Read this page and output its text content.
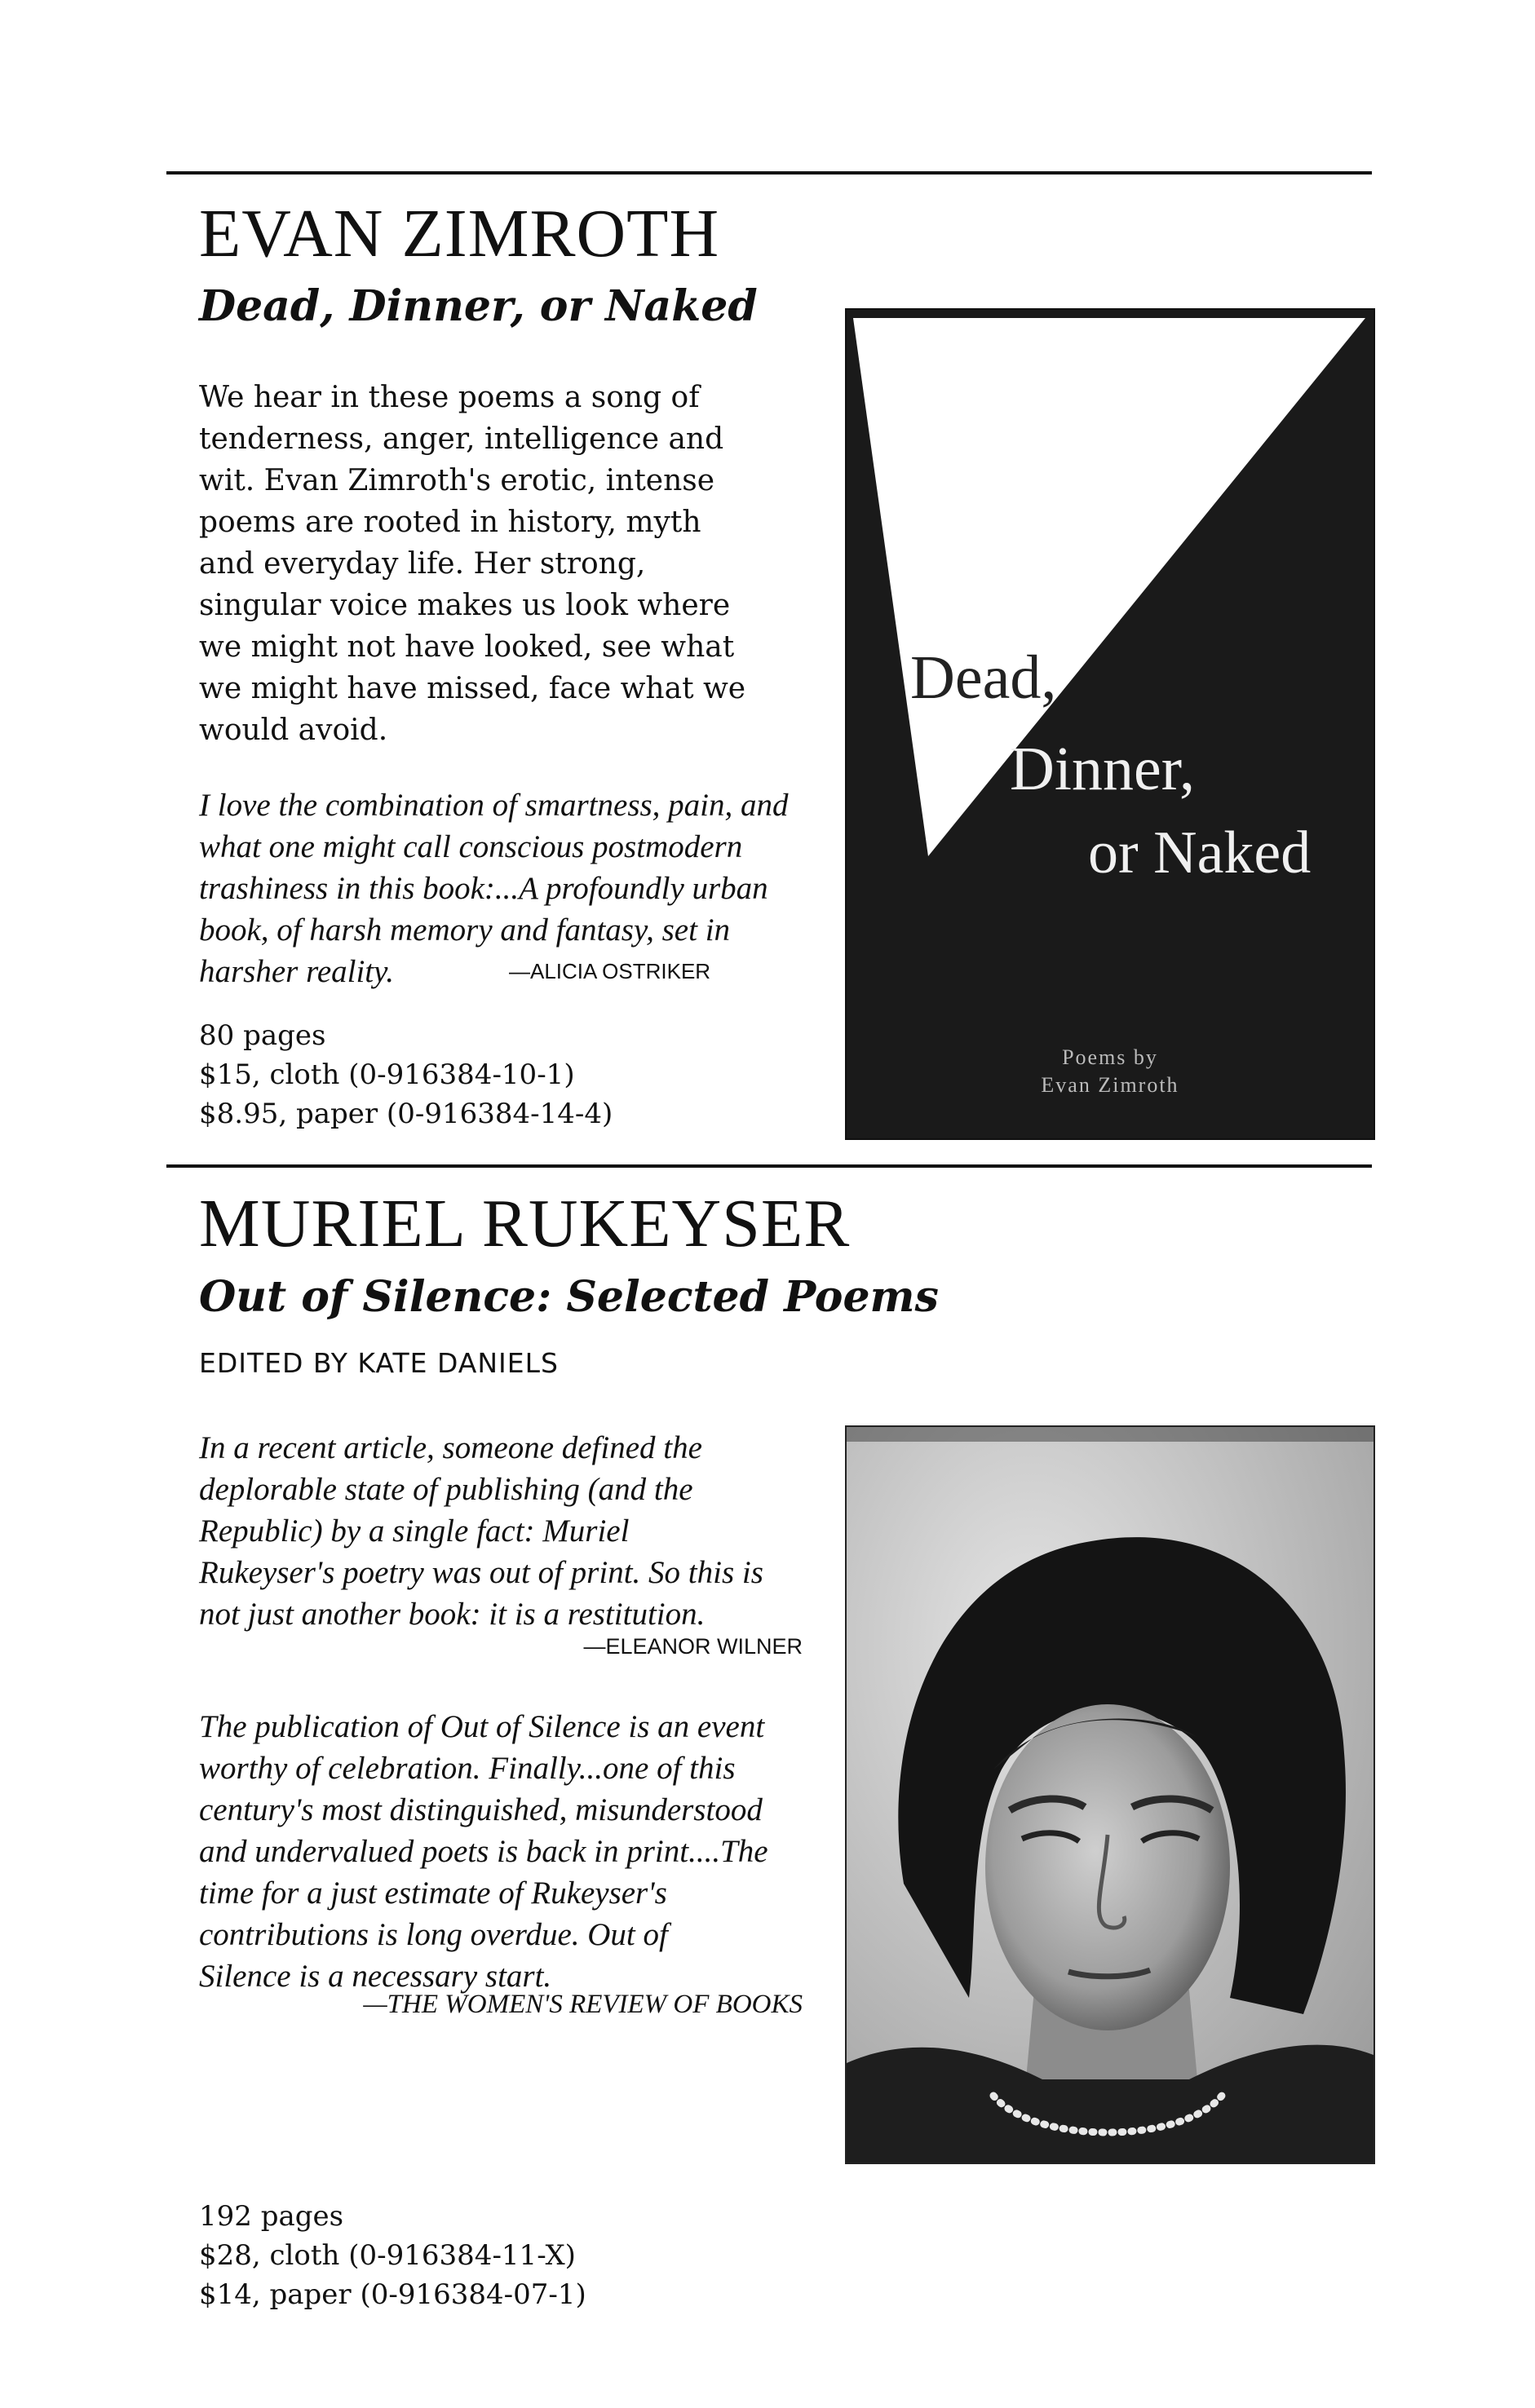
EVAN ZIMROTH
Dead, Dinner, or Naked
We hear in these poems a song of
tenderness, anger, intelligence and
wit. Evan Zimroth's erotic, intense
poems are rooted in history, myth
and everyday life. Her strong,
singular voice makes us look where
we might not have looked, see what
we might have missed, face what we
would avoid.
I love the combination of smartness, pain, and
what one might call conscious postmodern
trashiness in this book:...A profoundly urban
book, of harsh memory and fantasy, set in
harsher reality.	—ALICIA OSTRIKER
80 pages
$15, cloth (0-916384-10-1)
$8.95, paper (0-916384-14-4)
Dead,
Dinner,
or Naked
Poems by
Evan Zimroth
MURIEL RUKEYSER
Out of Silence: Selected Poems
EDITED BY KATE DANIELS
In a recent article, someone defined the
deplorable state of publishing (and the
Republic) by a single fact: Muriel
Rukeyser's poetry was out of print. So this is
not just another book: it is a restitution.
—ELEANOR WILNER
The publication of Out of Silence is an event
worthy of celebration. Finally...one of this
century's most distinguished, misunderstood
and undervalued poets is back in print....The
time for a just estimate of Rukeyser's
contributions is long overdue. Out of
Silence is a necessary start.
—THE WOMEN'S REVIEW OF BOOKS
192 pages
$28, cloth (0-916384-11-X)
$14, paper (0-916384-07-1)
